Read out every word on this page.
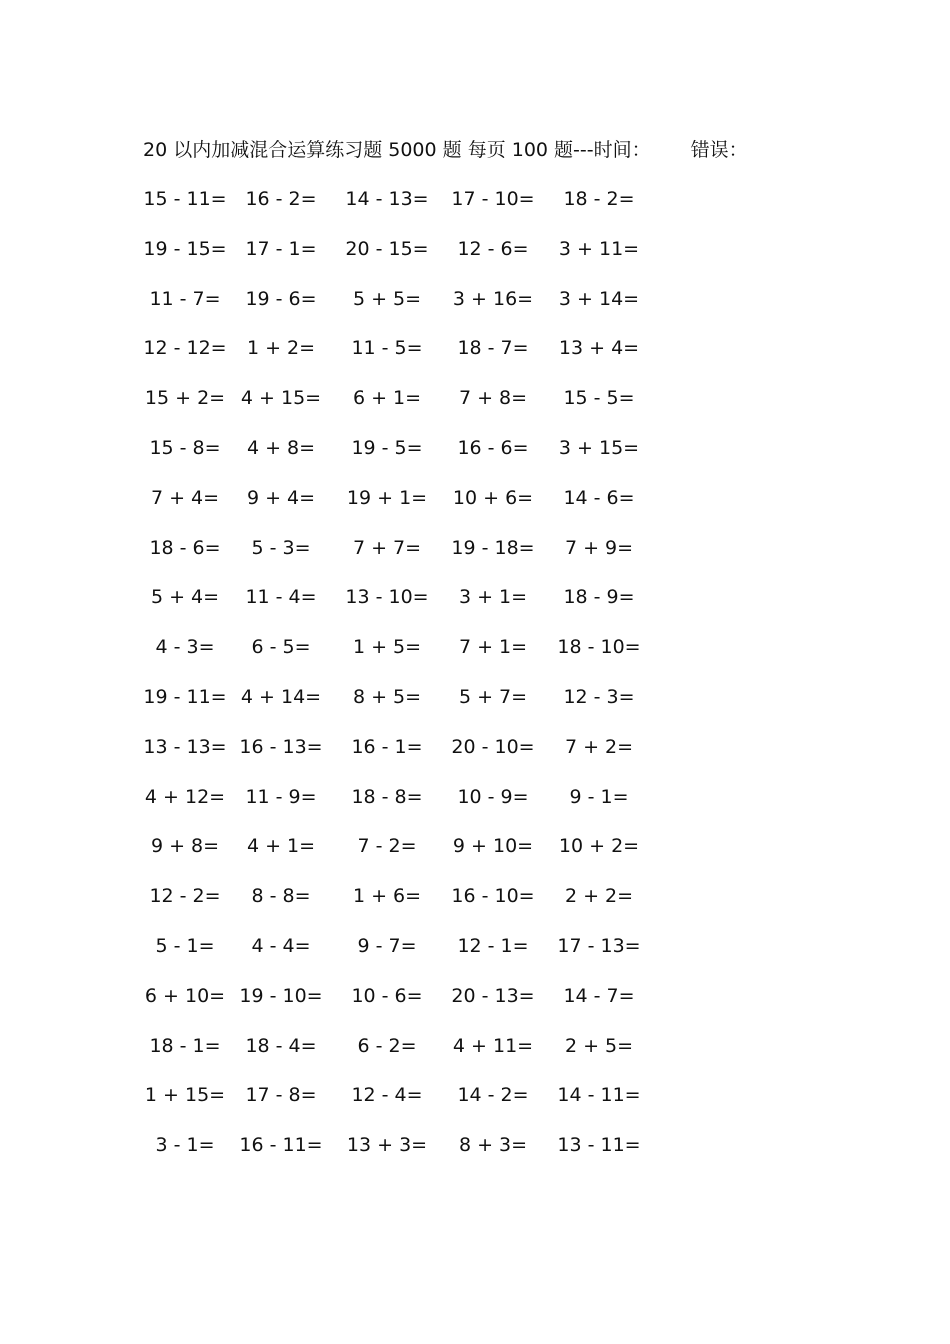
20 以内加减混合运算练习题 5000 题 每页 100 题---时间： 错误：
15 - 11= 16 - 2=	14 - 13=	17 - 10=	18 - 2=
19 - 15= 17 - 1=	20 - 15=	12 - 6=	3 + 11=
11 - 7=	19 - 6=	5 + 5=	3 + 16=	3 + 14=
12 - 12=	1 + 2=	11 - 5=	18 - 7=	13 + 4=
15 + 2= 4 + 15=	6 + 1=	7 + 8=	15 - 5=
15 - 8=	4 + 8=	19 - 5=	16 - 6=	3 + 15=
7 + 4=	9 + 4=	19 + 1=	10 + 6=	14 - 6=
18 - 6=	5 - 3=	7 + 7=	19 - 18=	7 + 9=
5 + 4=	11 - 4=	13 - 10=	3 + 1=	18 - 9=
4 - 3=	6 - 5=	1 + 5=	7 + 1=	18 - 10=
19 - 11= 4 + 14=	8 + 5=	5 + 7=	12 - 3=
13 - 13= 16 - 13=	16 - 1=	20 - 10=	7 + 2=
4 + 12=	11 - 9=	18 - 8=	10 - 9=	9 - 1=
9 + 8=	4 + 1=	7 - 2=	9 + 10=	10 + 2=
12 - 2=	8 - 8=	1 + 6=	16 - 10=	2 + 2=
5 - 1=	4 - 4=	9 - 7=	12 - 1=	17 - 13=
6 + 10= 19 - 10=	10 - 6=	20 - 13=	14 - 7=
18 - 1=	18 - 4=	6 - 2=	4 + 11=	2 + 5=
1 + 15=	17 - 8=	12 - 4=	14 - 2=	14 - 11=
3 - 1=	16 - 11=	13 + 3=	8 + 3=	13 - 11=
